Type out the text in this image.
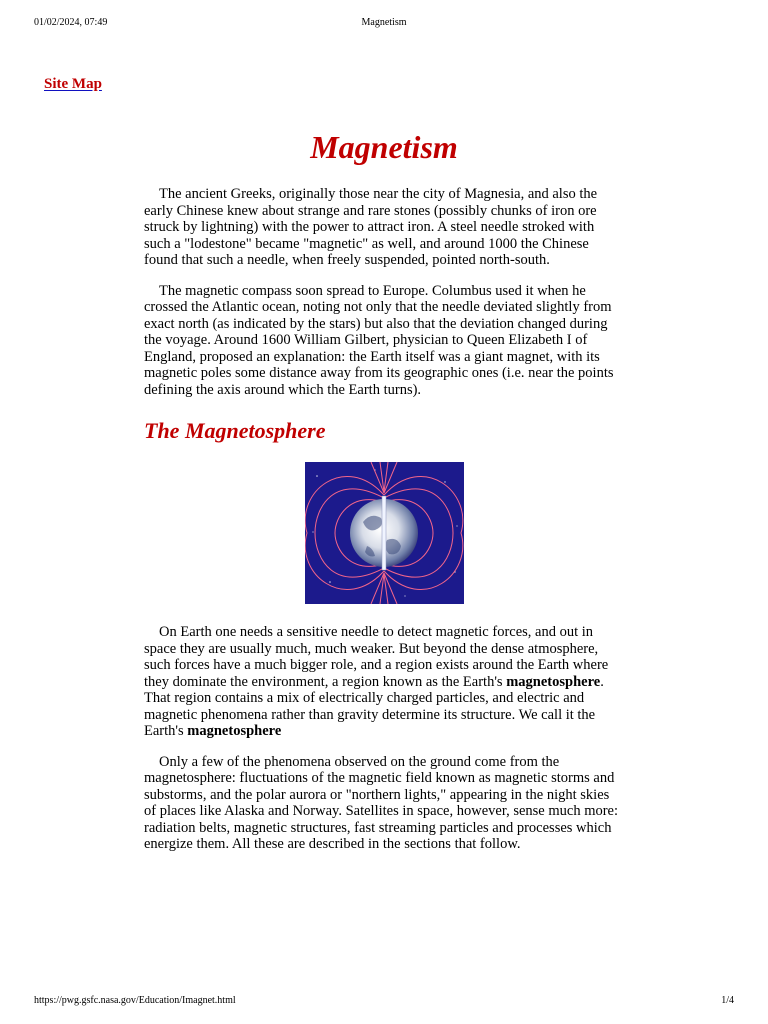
01/02/2024, 07:49	Magnetism
Site Map
Magnetism

The ancient Greeks, originally those near the city of Magnesia, and also the early Chinese knew about strange and rare stones (possibly chunks of iron ore struck by lightning) with the power to attract iron. A steel needle stroked with such a "lodestone" became "magnetic" as well, and around 1000 the Chinese found that such a needle, when freely suspended, pointed north-south.

The magnetic compass soon spread to Europe. Columbus used it when he crossed the Atlantic ocean, noting not only that the needle deviated slightly from exact north (as indicated by the stars) but also that the deviation changed during the voyage. Around 1600 William Gilbert, physician to Queen Elizabeth I of England, proposed an explanation: the Earth itself was a giant magnet, with its magnetic poles some distance away from its geographic ones (i.e. near the points defining the axis around which the Earth turns).

The Magnetosphere

On Earth one needs a sensitive needle to detect magnetic forces, and out in space they are usually much, much weaker. But beyond the dense atmosphere, such forces have a much bigger role, and a region exists around the Earth where they dominate the environment, a region known as the Earth's magnetosphere. That region contains a mix of electrically charged particles, and electric and magnetic phenomena rather than gravity determine its structure. We call it the Earth's magnetosphere

Only a few of the phenomena observed on the ground come from the magnetosphere: fluctuations of the magnetic field known as magnetic storms and substorms, and the polar aurora or "northern lights," appearing in the night skies of places like Alaska and Norway. Satellites in space, however, sense much more: radiation belts, magnetic structures, fast streaming particles and processes which energize them. All these are described in the sections that follow.

https://pwg.gsfc.nasa.gov/Education/Imagnet.html	1/4
